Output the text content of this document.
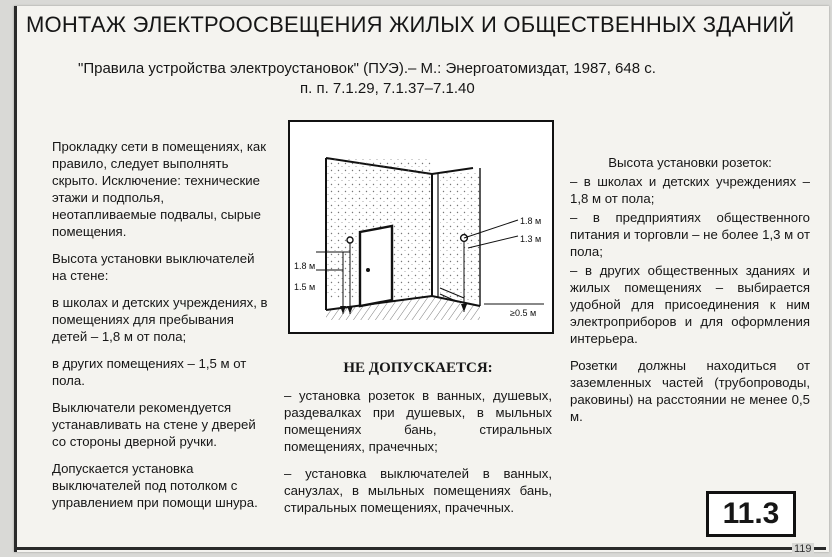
МОНТАЖ ЭЛЕКТРООСВЕЩЕНИЯ ЖИЛЫХ И ОБЩЕСТВЕННЫХ ЗДАНИЙ
"Правила устройства электроустановок" (ПУЭ).– М.: Энергоатомиздат, 1987, 648 с.
п. п. 7.1.29, 7.1.37–7.1.40

Прокладку сети в помещениях, как правило, следует выполнять скрыто. Исключение: технические этажи и подполья, неотапливаемые подвалы, сырые помещения.

Высота установки выключателей на стене:

в школах и детских учреждениях, в помещениях для пребывания детей – 1,8 м от пола;

в других помещениях – 1,5 м от пола.

Выключатели рекомендуется устанавливать на стене у дверей со стороны дверной ручки.

Допускается установка выключателей под потолком с управлением при помощи шнура.

1.8 м
1.5 м
1.8 м
1.3 м
≥0.5 м

НЕ ДОПУСКАЕТСЯ:

– установка розеток в ванных, душевых, раздевалках при душевых, в мыльных помещениях бань, стиральных помещениях, прачечных;

– установка выключателей в ванных, санузлах, в мыльных помещениях бань, стиральных помещениях, прачечных.

Высота установки розеток:

– в школах и детских учреждениях – 1,8 м от пола;

– в предприятиях общественного питания и торговли – не более 1,3 м от пола;

– в других общественных зданиях и жилых помещениях – выбирается удобной для присоединения к ним электроприборов и для оформления интерьера.

Розетки должны находиться от заземленных частей (трубопроводы, раковины) на расстоянии не менее 0,5 м.

11.3
119
